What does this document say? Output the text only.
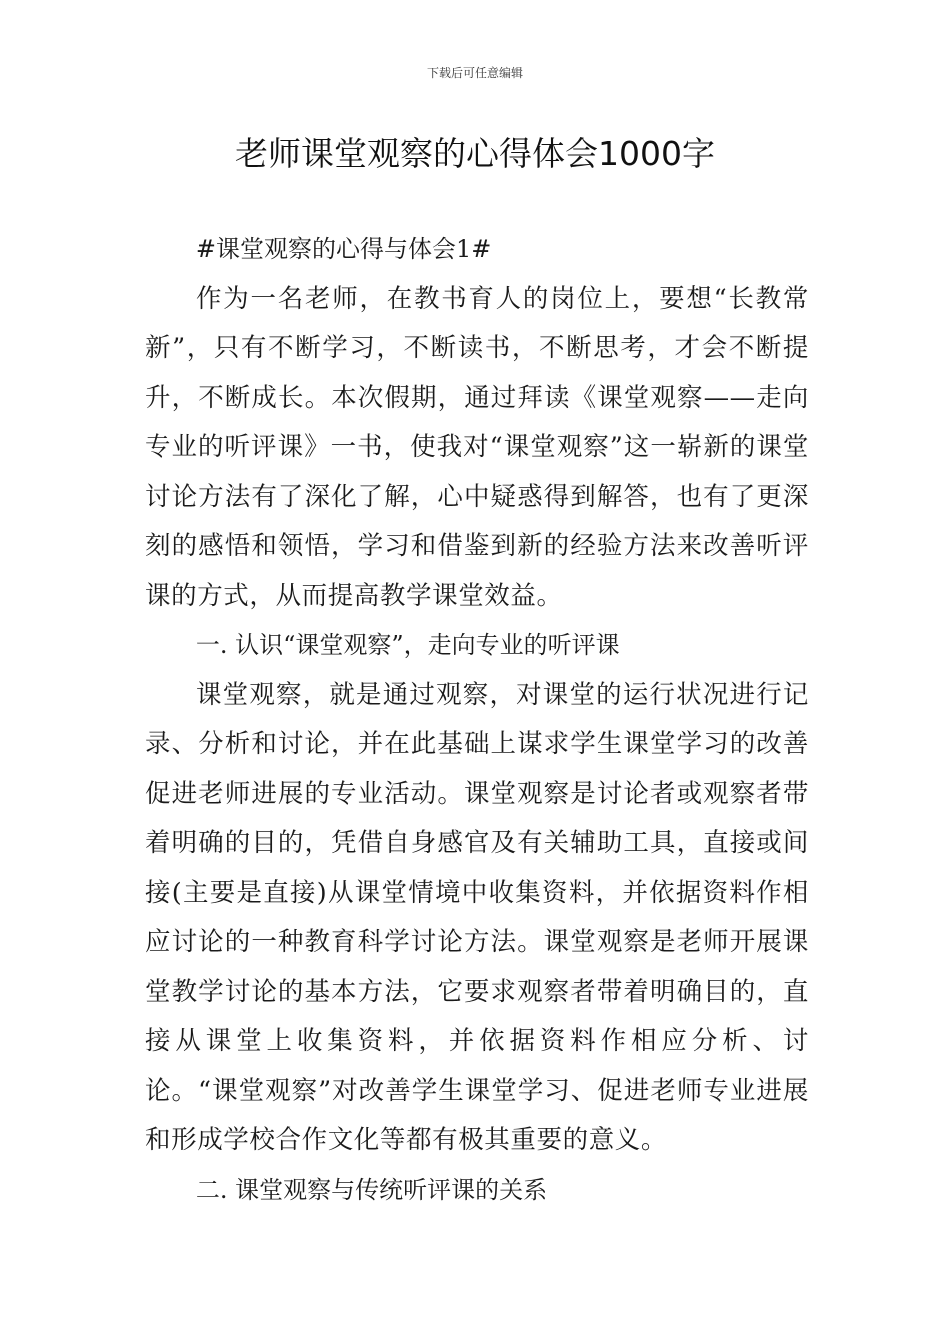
下载后可任意编辑
老师课堂观察的心得体会1000字

#课堂观察的心得与体会1#

作为一名老师，在教书育人的岗位上，要想“长教常新”，只有不断学习，不断读书，不断思考，才会不断提升，不断成长。本次假期，通过拜读《课堂观察——走向专业的听评课》一书，使我对“课堂观察”这一崭新的课堂讨论方法有了深化了解，心中疑惑得到解答，也有了更深刻的感悟和领悟，学习和借鉴到新的经验方法来改善听评课的方式，从而提高教学课堂效益。

一. 认识“课堂观察”，走向专业的听评课

课堂观察，就是通过观察，对课堂的运行状况进行记录、分析和讨论，并在此基础上谋求学生课堂学习的改善促进老师进展的专业活动。课堂观察是讨论者或观察者带着明确的目的，凭借自身感官及有关辅助工具，直接或间接(主要是直接)从课堂情境中收集资料，并依据资料作相应讨论的一种教育科学讨论方法。课堂观察是老师开展课堂教学讨论的基本方法，它要求观察者带着明确目的，直接从课堂上收集资料，并依据资料作相应分析、讨论。“课堂观察”对改善学生课堂学习、促进老师专业进展和形成学校合作文化等都有极其重要的意义。

二. 课堂观察与传统听评课的关系
